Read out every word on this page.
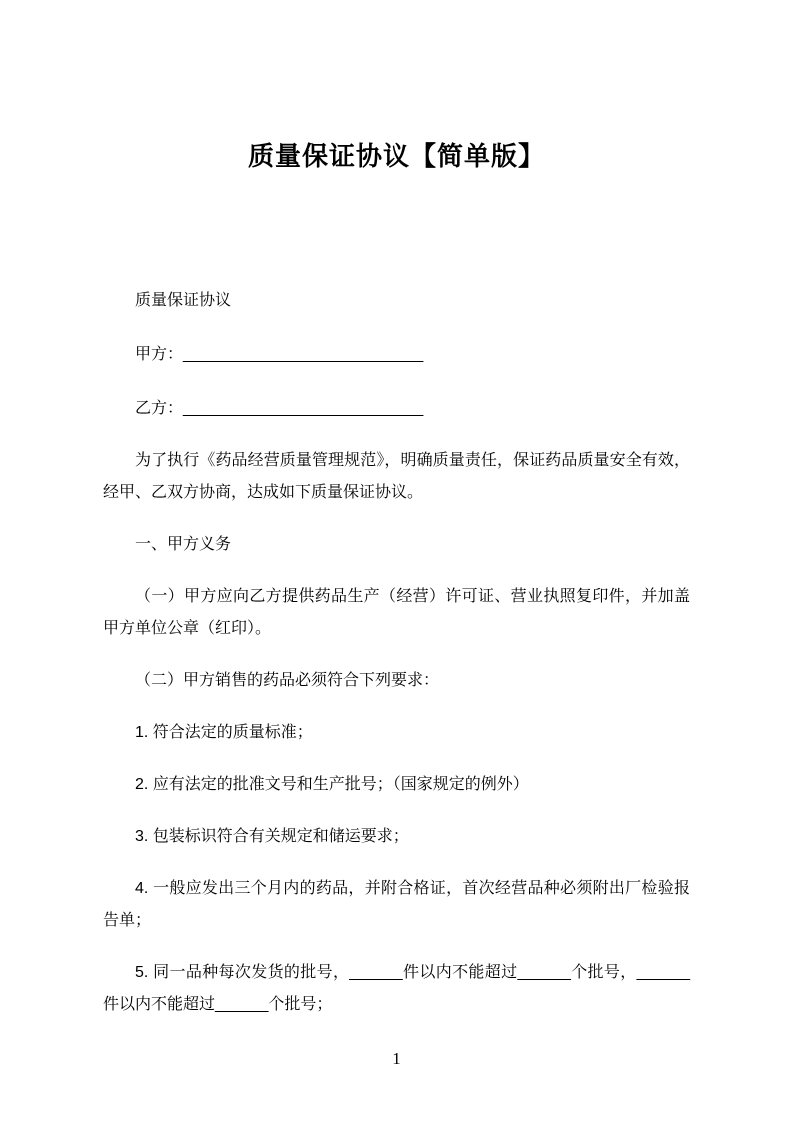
质量保证协议【简单版】

质量保证协议

甲方：___________________________

乙方：___________________________

为了执行《药品经营质量管理规范》，明确质量责任，保证药品质量安全有效，经甲、乙双方协商，达成如下质量保证协议。

一、甲方义务

（一）甲方应向乙方提供药品生产（经营）许可证、营业执照复印件，并加盖甲方单位公章（红印）。

（二）甲方销售的药品必须符合下列要求：

1. 符合法定的质量标准；

2. 应有法定的批准文号和生产批号；（国家规定的例外）

3. 包装标识符合有关规定和储运要求；

4. 一般应发出三个月内的药品，并附合格证，首次经营品种必须附出厂检验报告单；

5. 同一品种每次发货的批号，______件以内不能超过______个批号，______件以内不能超过______个批号；

1
